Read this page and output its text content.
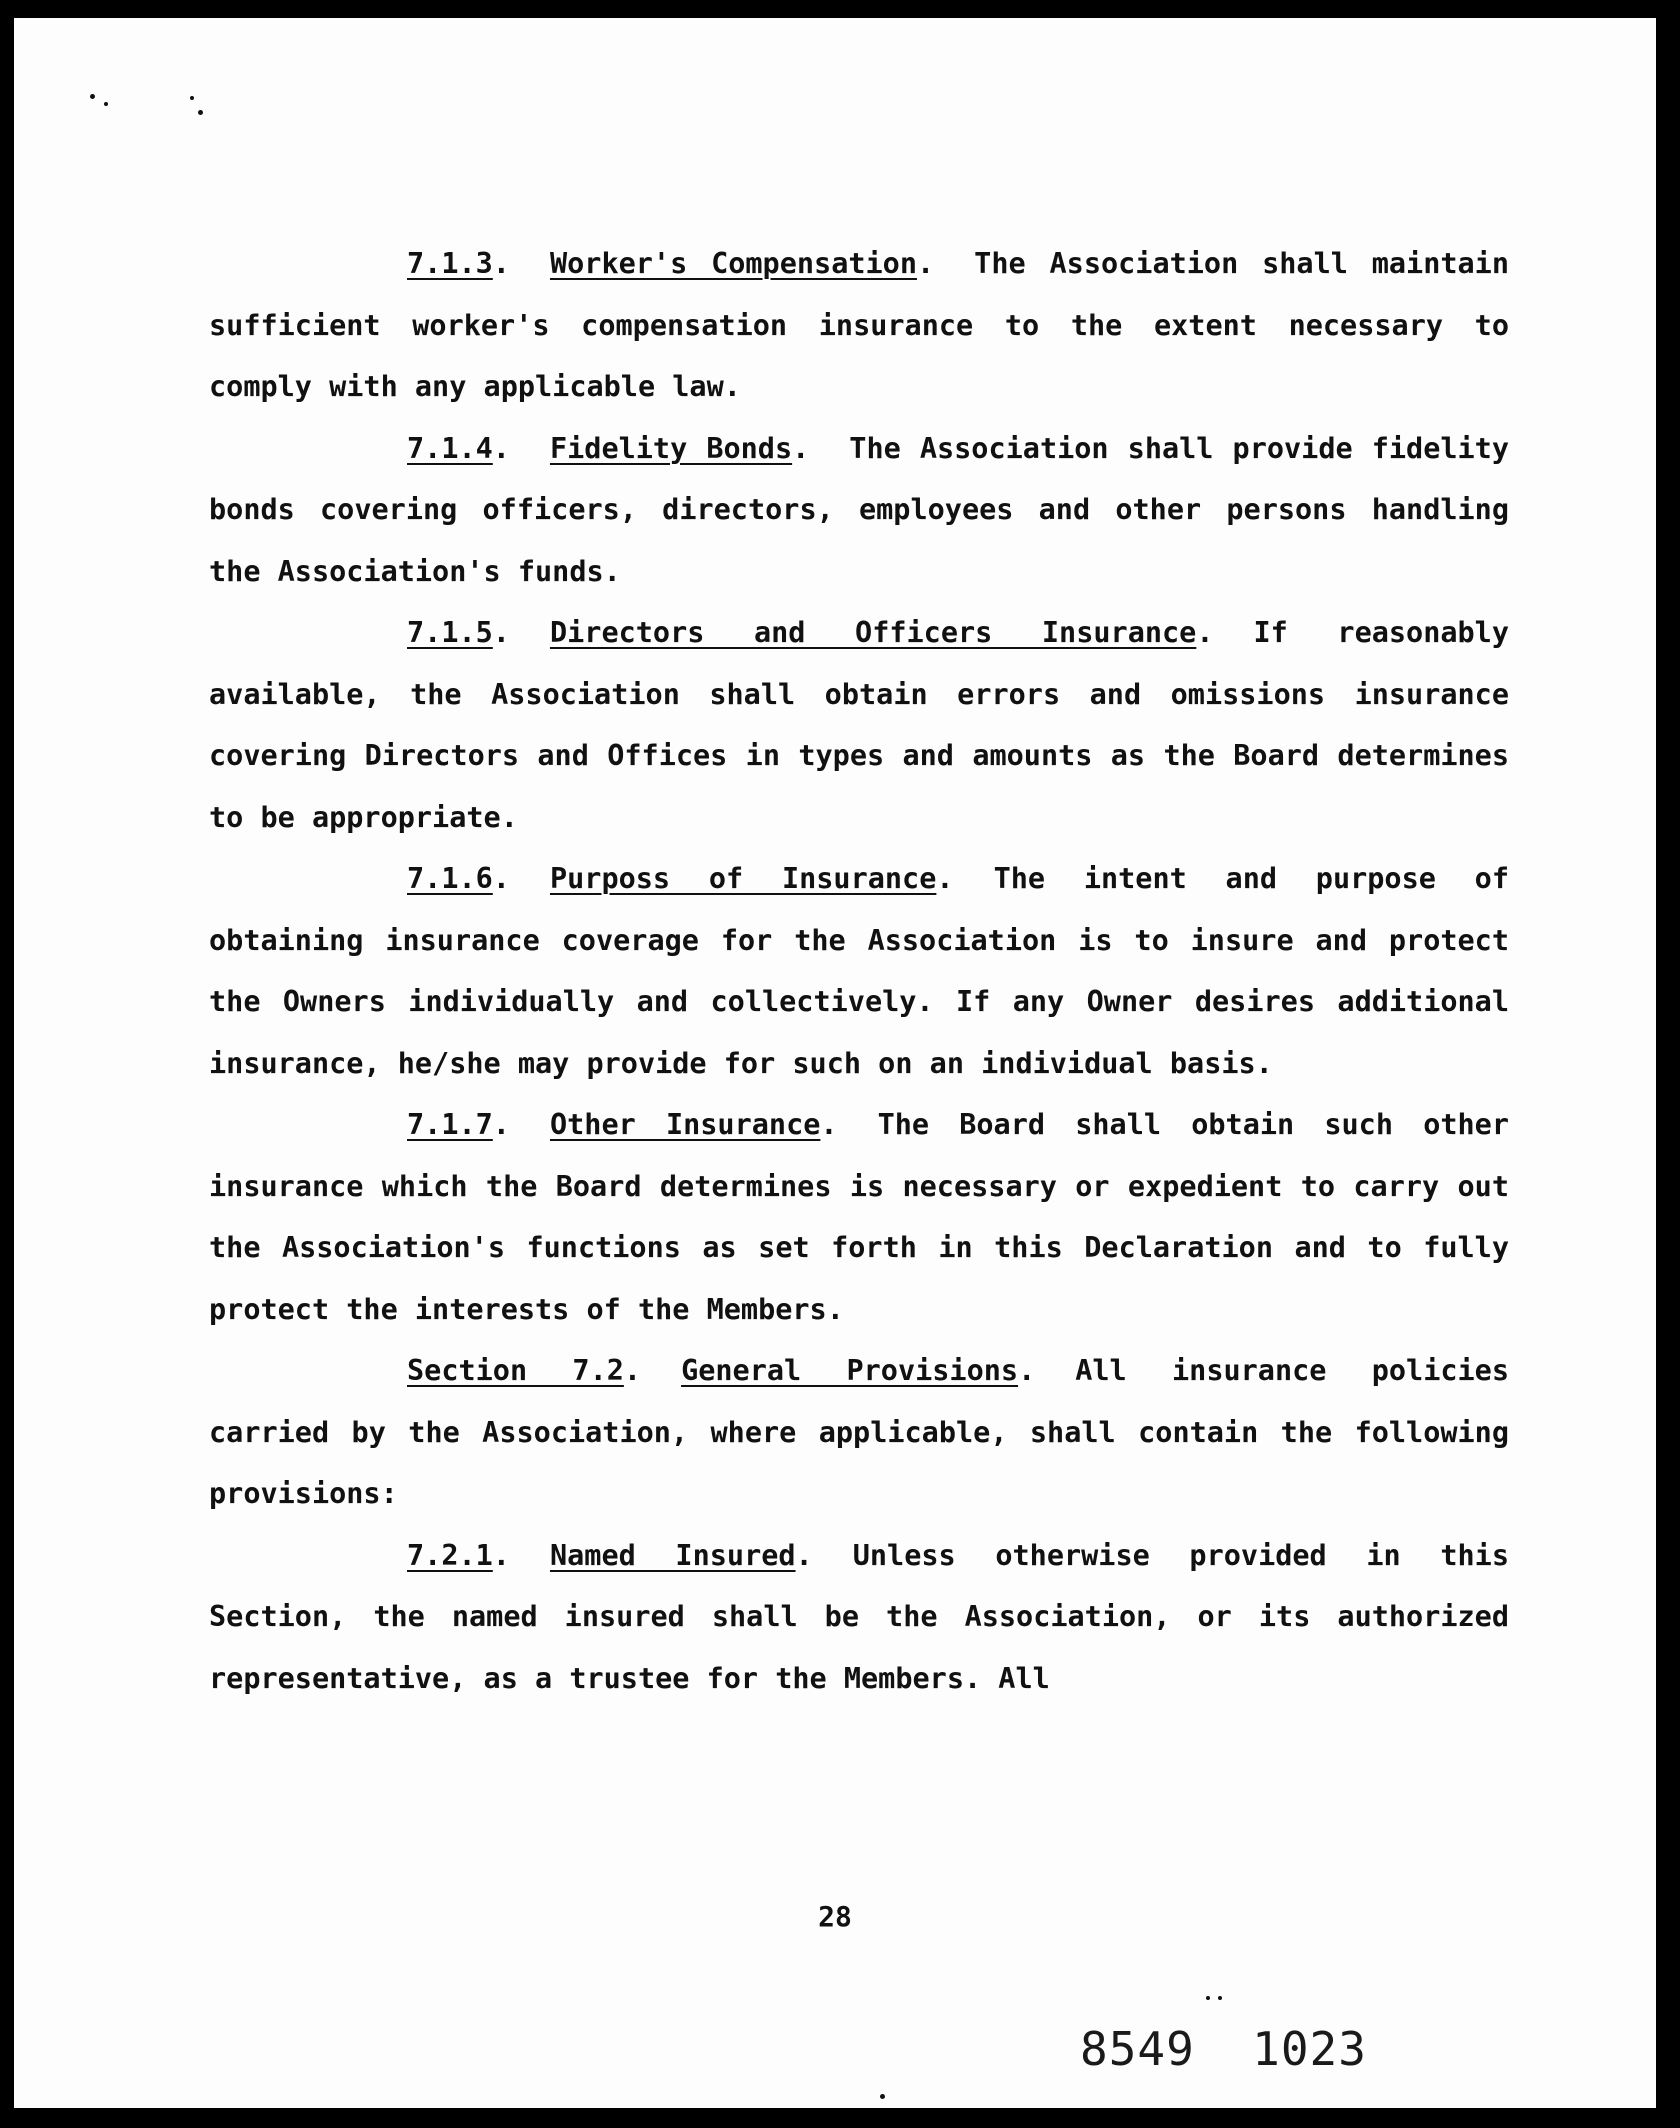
7.1.3. Worker's Compensation. The Association shall maintain sufficient worker's compensation insurance to the extent necessary to comply with any applicable law.

7.1.4. Fidelity Bonds. The Association shall provide fidelity bonds covering officers, directors, employees and other persons handling the Association's funds.

7.1.5. Directors and Officers Insurance. If reasonably available, the Association shall obtain errors and omissions insurance covering Directors and Offices in types and amounts as the Board determines to be appropriate.

7.1.6. Purposs of Insurance. The intent and purpose of obtaining insurance coverage for the Association is to insure and protect the Owners individually and collectively. If any Owner desires additional insurance, he/she may provide for such on an individual basis.

7.1.7. Other Insurance. The Board shall obtain such other insurance which the Board determines is necessary or expedient to carry out the Association's functions as set forth in this Declaration and to fully protect the interests of the Members.

Section 7.2. General Provisions. All insurance policies carried by the Association, where applicable, shall contain the following provisions:

7.2.1. Named Insured. Unless otherwise provided in this Section, the named insured shall be the Association, or its authorized representative, as a trustee for the Members. All

28
8549  1023
